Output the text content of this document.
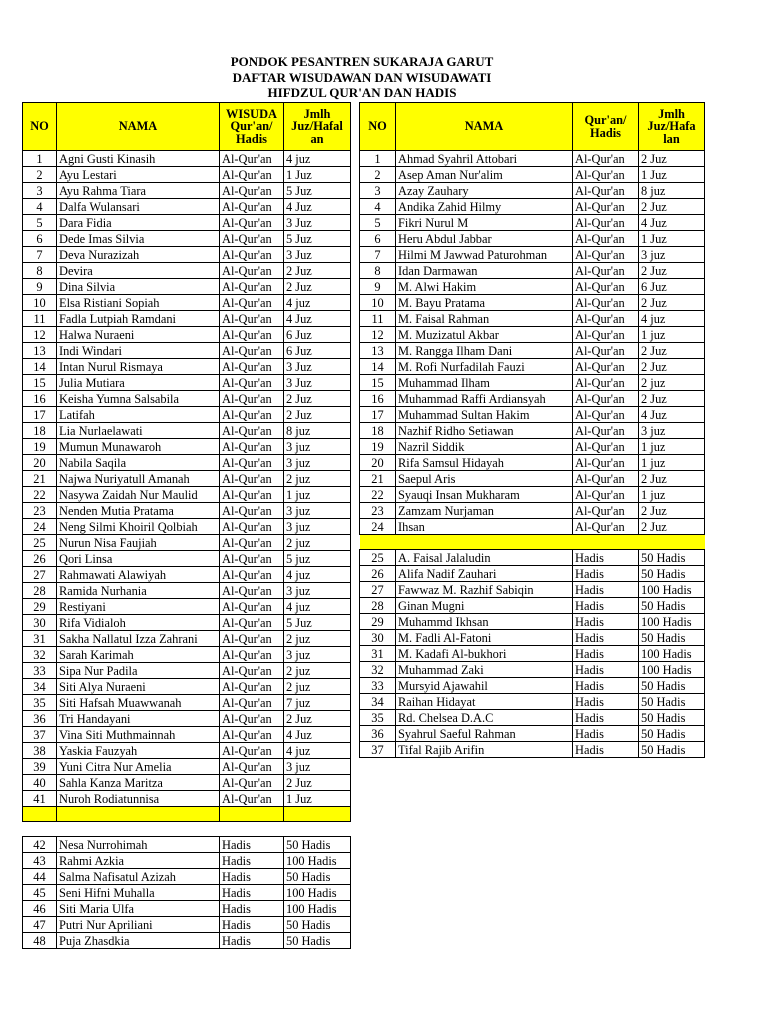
PONDOK PESANTREN SUKARAJA GARUT
DAFTAR WISUDAWAN DAN WISUDAWATI
HIFDZUL QUR'AN DAN HADIS
NO	NAMA	WISUDA Qur'an/ Hadis	Jmlh Juz/Hafal an
1	Agni Gusti Kinasih	Al-Qur'an	4 juz
2	Ayu Lestari	Al-Qur'an	1 Juz
3	Ayu Rahma Tiara	Al-Qur'an	5 Juz
4	Dalfa Wulansari	Al-Qur'an	4 Juz
5	Dara Fidia	Al-Qur'an	3 Juz
6	Dede Imas Silvia	Al-Qur'an	5 Juz
7	Deva Nurazizah	Al-Qur'an	3 Juz
8	Devira	Al-Qur'an	2 Juz
9	Dina Silvia	Al-Qur'an	2 Juz
10	Elsa Ristiani Sopiah	Al-Qur'an	4 juz
11	Fadla Lutpiah Ramdani	Al-Qur'an	4 Juz
12	Halwa Nuraeni	Al-Qur'an	6 Juz
13	Indi Windari	Al-Qur'an	6 Juz
14	Intan Nurul Rismaya	Al-Qur'an	3 Juz
15	Julia Mutiara	Al-Qur'an	3 Juz
16	Keisha Yumna Salsabila	Al-Qur'an	2 Juz
17	Latifah	Al-Qur'an	2 Juz
18	Lia Nurlaelawati	Al-Qur'an	8 juz
19	Mumun Munawaroh	Al-Qur'an	3 juz
20	Nabila Saqila	Al-Qur'an	3 juz
21	Najwa Nuriyatull Amanah	Al-Qur'an	2 juz
22	Nasywa Zaidah Nur Maulid	Al-Qur'an	1 juz
23	Nenden Mutia Pratama	Al-Qur'an	3 juz
24	Neng Silmi Khoiril Qolbiah	Al-Qur'an	3 juz
25	Nurun Nisa Faujiah	Al-Qur'an	2 juz
26	Qori Linsa	Al-Qur'an	5 juz
27	Rahmawati Alawiyah	Al-Qur'an	4 juz
28	Ramida Nurhania	Al-Qur'an	3 juz
29	Restiyani	Al-Qur'an	4 juz
30	Rifa Vidialoh	Al-Qur'an	5 Juz
31	Sakha Nallatul Izza Zahrani	Al-Qur'an	2 juz
32	Sarah Karimah	Al-Qur'an	3 juz
33	Sipa Nur Padila	Al-Qur'an	2 juz
34	Siti Alya Nuraeni	Al-Qur'an	2 juz
35	Siti Hafsah Muawwanah	Al-Qur'an	7 juz
36	Tri Handayani	Al-Qur'an	2 Juz
37	Vina Siti Muthmainnah	Al-Qur'an	4 Juz
38	Yaskia Fauzyah	Al-Qur'an	4 juz
39	Yuni Citra Nur Amelia	Al-Qur'an	3 juz
40	Sahla Kanza Maritza	Al-Qur'an	2 Juz
41	Nuroh Rodiatunnisa	Al-Qur'an	1 Juz

42	Nesa Nurrohimah	Hadis	50 Hadis
43	Rahmi Azkia	Hadis	100 Hadis
44	Salma Nafisatul Azizah	Hadis	50 Hadis
45	Seni Hifni Muhalla	Hadis	100 Hadis
46	Siti Maria Ulfa	Hadis	100 Hadis
47	Putri Nur Apriliani	Hadis	50 Hadis
48	Puja Zhasdkia	Hadis	50 Hadis
NO	NAMA	Qur'an/ Hadis	Jmlh Juz/Hafa lan
1	Ahmad Syahril Attobari	Al-Qur'an	2 Juz
2	Asep Aman Nur'alim	Al-Qur'an	1 Juz
3	Azay Zauhary	Al-Qur'an	8 juz
4	Andika Zahid Hilmy	Al-Qur'an	2 Juz
5	Fikri Nurul M	Al-Qur'an	4 Juz
6	Heru Abdul Jabbar	Al-Qur'an	1 Juz
7	Hilmi M Jawwad Paturohman	Al-Qur'an	3 juz
8	Idan Darmawan	Al-Qur'an	2 Juz
9	M. Alwi Hakim	Al-Qur'an	6 Juz
10	M. Bayu Pratama	Al-Qur'an	2 Juz
11	M. Faisal Rahman	Al-Qur'an	4 juz
12	M. Muzizatul Akbar	Al-Qur'an	1 juz
13	M. Rangga Ilham Dani	Al-Qur'an	2 Juz
14	M. Rofi Nurfadilah Fauzi	Al-Qur'an	2 Juz
15	Muhammad Ilham	Al-Qur'an	2 juz
16	Muhammad Raffi Ardiansyah	Al-Qur'an	2 Juz
17	Muhammad Sultan Hakim	Al-Qur'an	4 Juz
18	Nazhif Ridho Setiawan	Al-Qur'an	3 juz
19	Nazril Siddik	Al-Qur'an	1 juz
20	Rifa Samsul Hidayah	Al-Qur'an	1 juz
21	Saepul Aris	Al-Qur'an	2 Juz
22	Syauqi Insan Mukharam	Al-Qur'an	1 juz
23	Zamzam Nurjaman	Al-Qur'an	2 Juz
24	Ihsan	Al-Qur'an	2 Juz

25	A. Faisal Jalaludin	Hadis	50 Hadis
26	Alifa Nadif Zauhari	Hadis	50 Hadis
27	Fawwaz M. Razhif Sabiqin	Hadis	100 Hadis
28	Ginan Mugni	Hadis	50 Hadis
29	Muhammd Ikhsan	Hadis	100 Hadis
30	M. Fadli Al-Fatoni	Hadis	50 Hadis
31	M. Kadafi Al-bukhori	Hadis	100 Hadis
32	Muhammad Zaki	Hadis	100 Hadis
33	Mursyid Ajawahil	Hadis	50 Hadis
34	Raihan Hidayat	Hadis	50 Hadis
35	Rd. Chelsea D.A.C	Hadis	50 Hadis
36	Syahrul Saeful Rahman	Hadis	50 Hadis
37	Tifal Rajib Arifin	Hadis	50 Hadis
